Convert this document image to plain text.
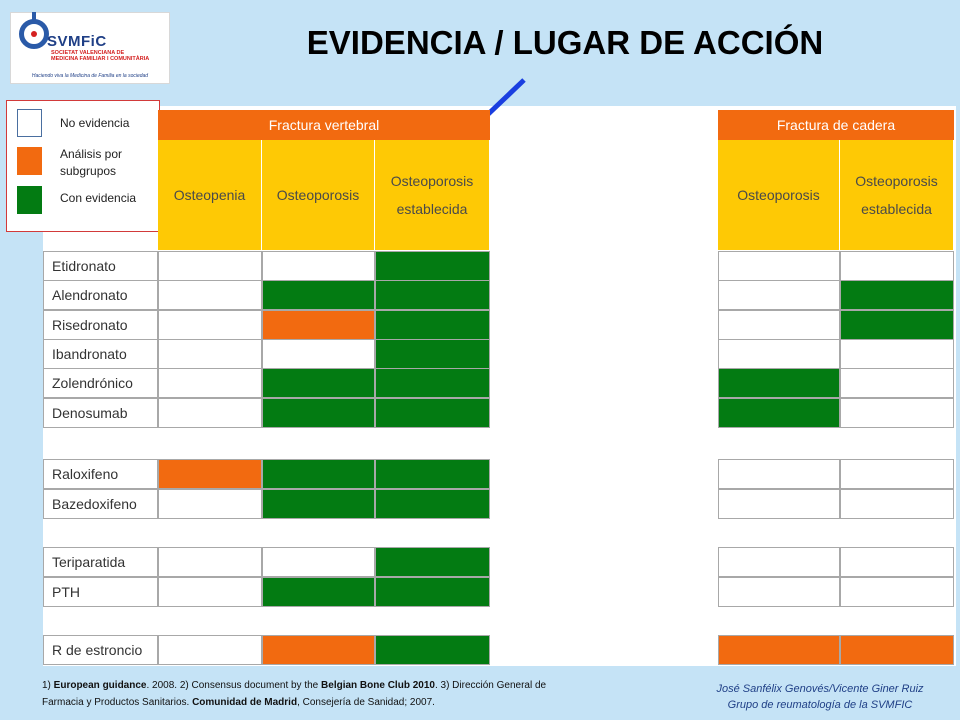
SVMFiC
SOCIETAT VALENCIANA DE
MEDICINA FAMILIAR I COMUNITÀRIA
Haciendo viva la Medicina de Familia en la sociedad
EVIDENCIA / LUGAR DE ACCIÓN
No evidencia
Análisis por subgrupos
Con evidencia
1) European guidance. 2008. 2) Consensus document by the Belgian Bone Club 2010. 3) Dirección General de
Farmacia y Productos Sanitarios. Comunidad de Madrid, Consejería de Sanidad; 2007.
José Sanfélix Genovés/Vicente Giner Ruiz
Grupo de reumatología de la SVMFIC
Fractura vertebral	Fractura de cadera
Osteopenia	Osteoporosis
Osteoporosis establecida
Osteoporosis
Osteoporosis establecida
Etidronato
Alendronato
Risedronato
Ibandronato
Zolendrónico
Denosumab
Raloxifeno
Bazedoxifeno
Teriparatida
PTH
R de estroncio
